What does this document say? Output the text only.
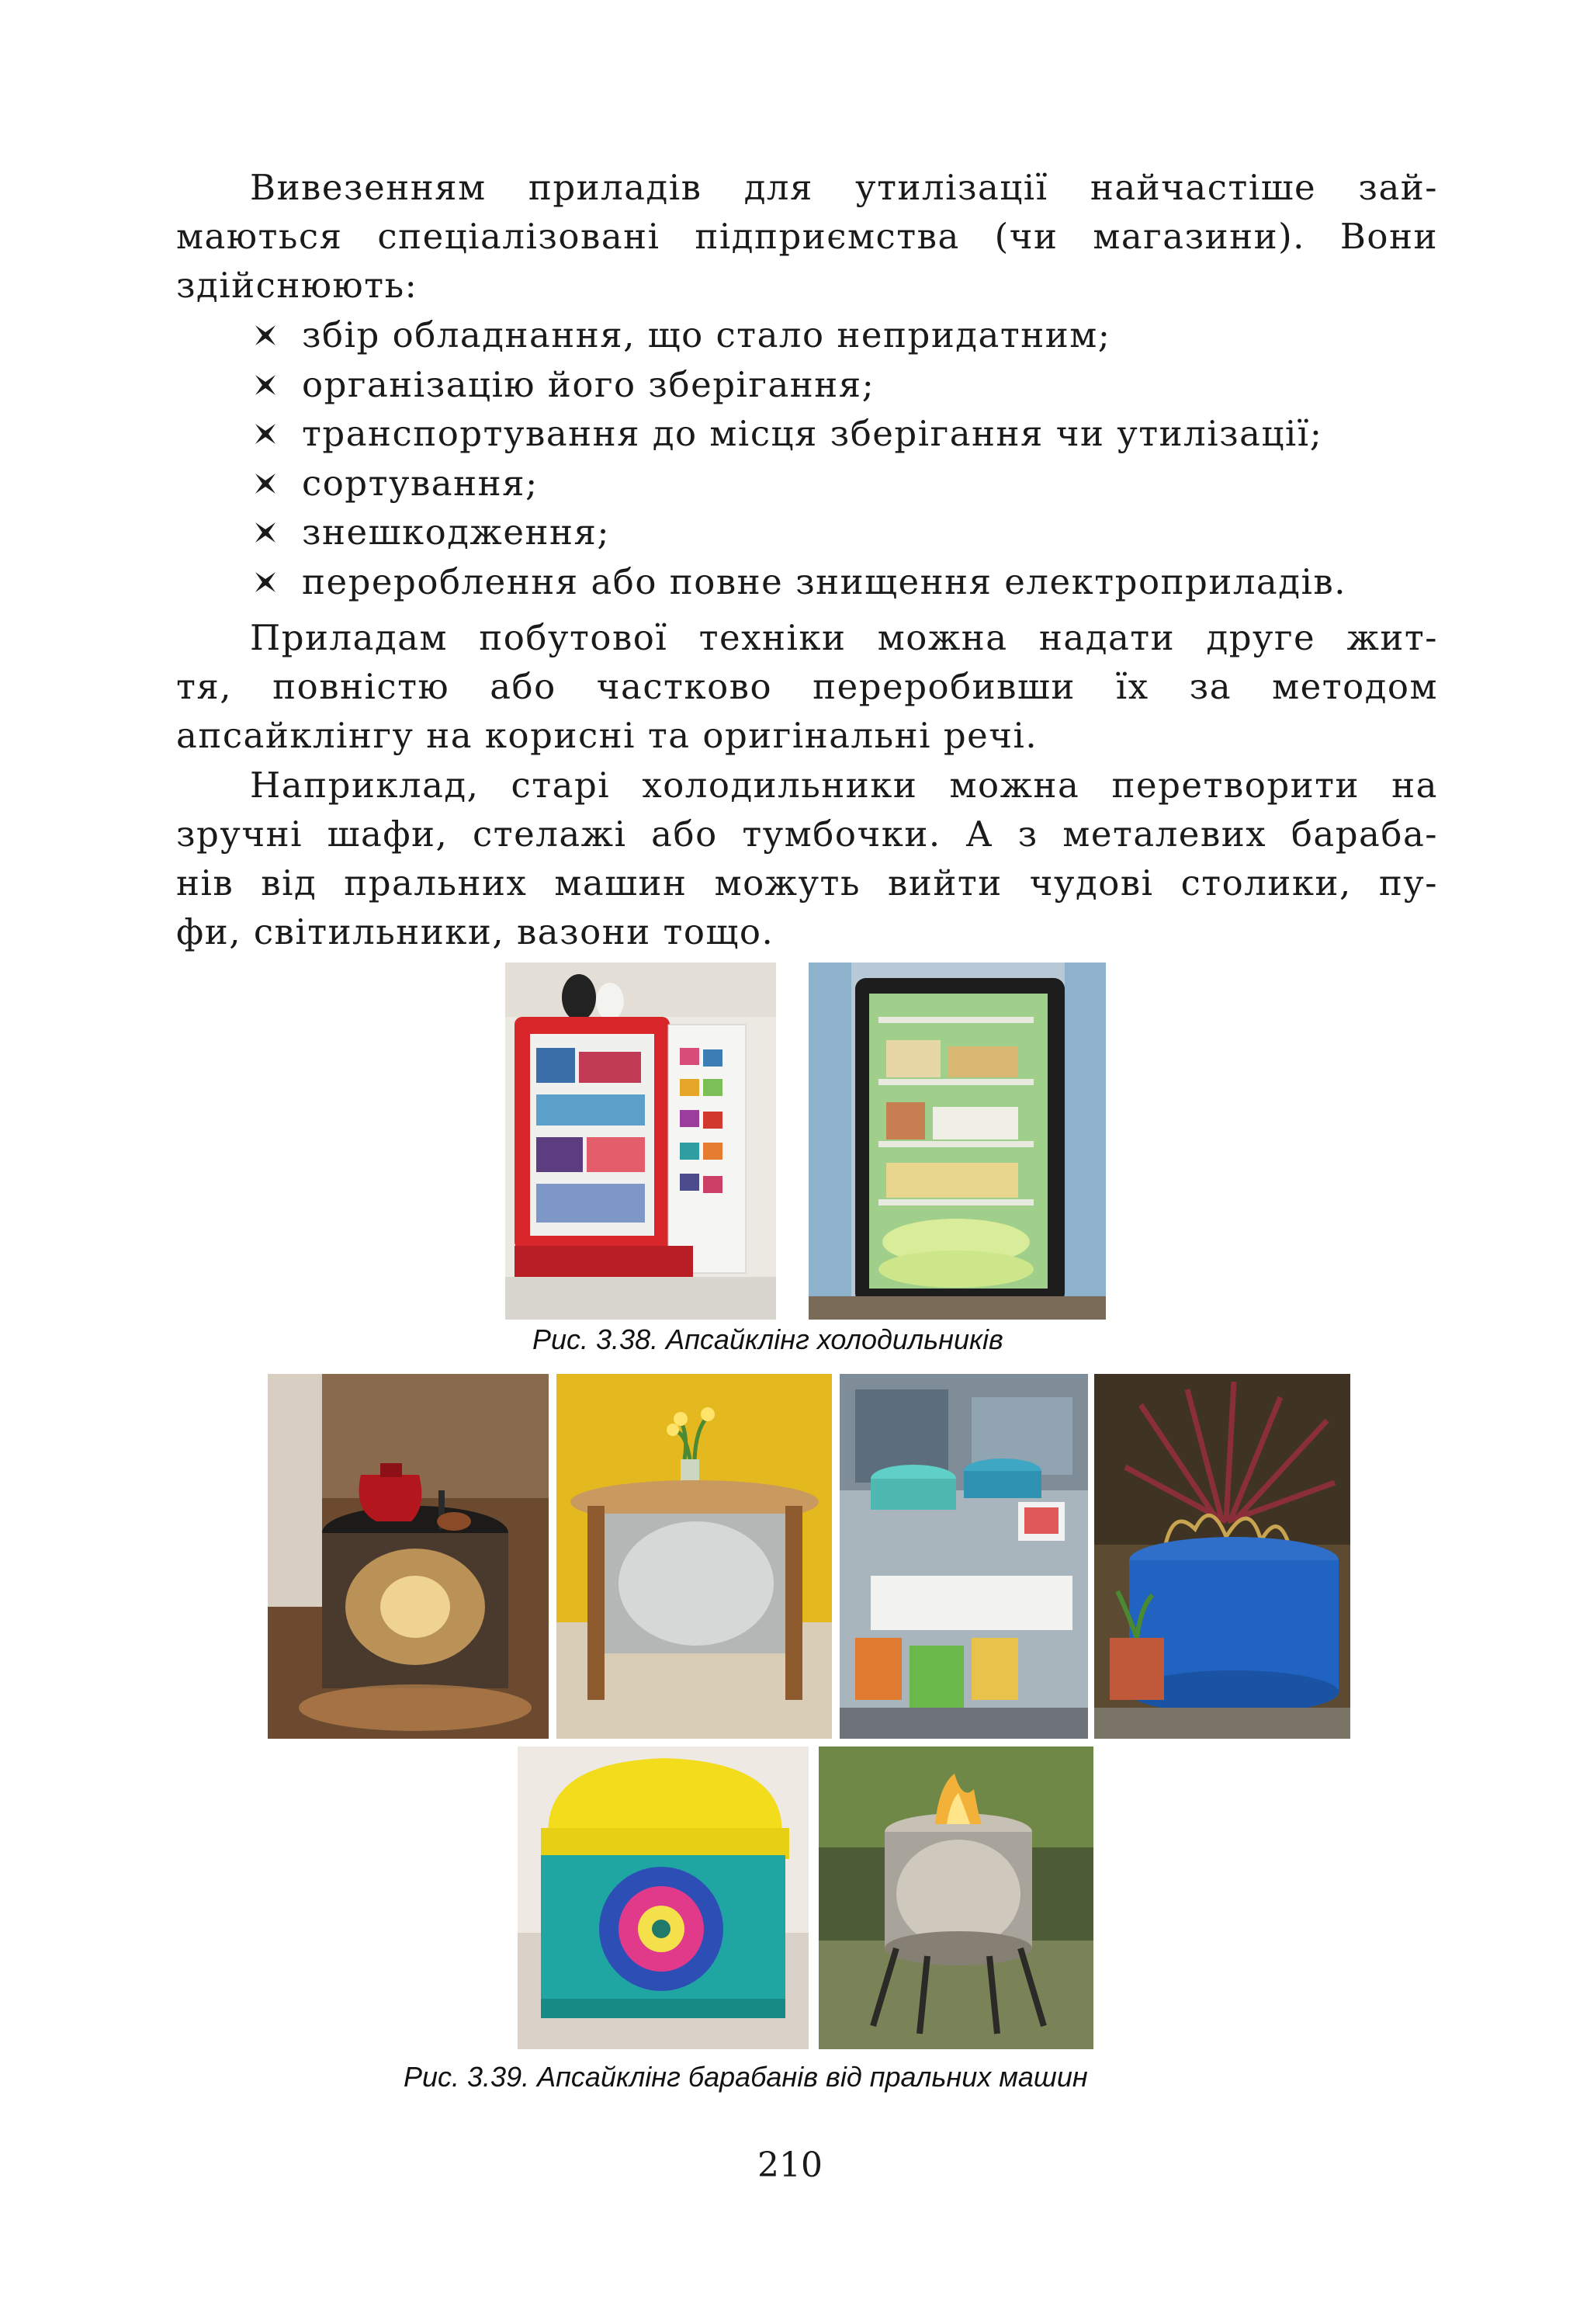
Вивезенням приладів для утилізації найчастіше зай-

маються спеціалізовані підприємства (чи магазини). Вони

здійснюють:

збір обладнання, що стало непридатним;
організацію його зберігання;
транспортування до місця зберігання чи утилізації;
сортування;
знешкодження;
перероблення або повне знищення електроприладів.

Приладам побутової техніки можна надати друге жит-

тя, повністю або частково переробивши їх за методом

апсайклінгу на корисні та оригінальні речі.

Наприклад, старі холодильники можна перетворити на

зручні шафи, стелажі або тумбочки. А з металевих бараба-

нів від пральних машин можуть вийти чудові столики, пу-

фи, світильники, вазони тощо.

Рис. 3.38. Апсайклінг холодильників
Рис. 3.39. Апсайклінг барабанів від пральних машин
210
